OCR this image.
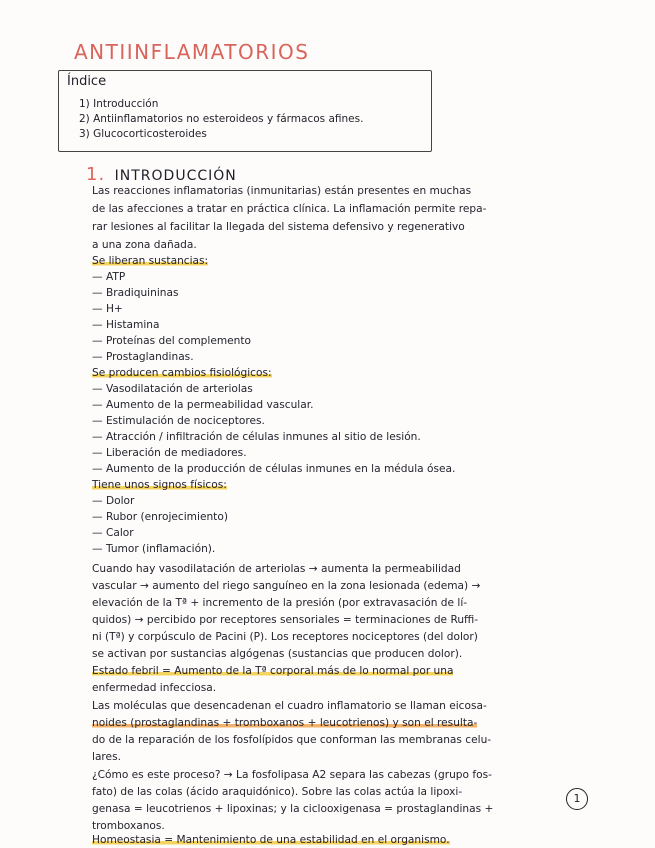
ANTIINFLAMATORIOS
Índice
1) Introducción
2) Antiinflamatorios no esteroideos y fármacos afines.
3) Glucocorticosteroides
1. INTRODUCCIÓN
Las reacciones inflamatorias (inmunitarias) están presentes en muchas
de las afecciones a tratar en práctica clínica. La inflamación permite repa-
rar lesiones al facilitar la llegada del sistema defensivo y regenerativo
a una zona dañada.
Se liberan sustancias:
— ATP
— Bradiquininas
— H+
— Histamina
— Proteínas del complemento
— Prostaglandinas.
Se producen cambios fisiológicos:
— Vasodilatación de arteriolas
— Aumento de la permeabilidad vascular.
— Estimulación de nociceptores.
— Atracción / infiltración de células inmunes al sitio de lesión.
— Liberación de mediadores.
— Aumento de la producción de células inmunes en la médula ósea.
Tiene unos signos físicos:
— Dolor
— Rubor (enrojecimiento)
— Calor
— Tumor (inflamación).
Cuando hay vasodilatación de arteriolas → aumenta la permeabilidad
vascular → aumento del riego sanguíneo en la zona lesionada (edema) →
elevación de la Tª + incremento de la presión (por extravasación de lí-
quidos) → percibido por receptores sensoriales = terminaciones de Ruffi-
ni (Tª) y corpúsculo de Pacini (P). Los receptores nociceptores (del dolor)
se activan por sustancias algógenas (sustancias que producen dolor).
Estado febril = Aumento de la Tª corporal más de lo normal por una
enfermedad infecciosa.
Las moléculas que desencadenan el cuadro inflamatorio se llaman eicosa-
noides (prostaglandinas + tromboxanos + leucotrienos) y son el resulta-
do de la reparación de los fosfolípidos que conforman las membranas celu-
lares.
¿Cómo es este proceso? → La fosfolipasa A2 separa las cabezas (grupo fos-
fato) de las colas (ácido araquidónico). Sobre las colas actúa la lipoxi-
genasa = leucotrienos + lipoxinas; y la ciclooxigenasa = prostaglandinas +
tromboxanos.
Homeostasia = Mantenimiento de una estabilidad en el organismo.
1
